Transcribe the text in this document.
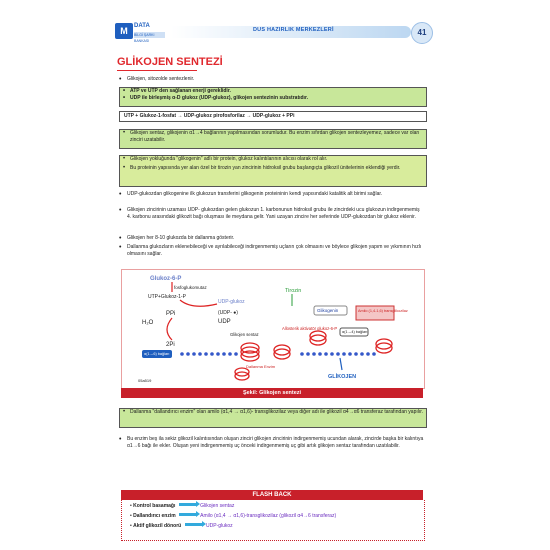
M	DATA
BİLGİ ŞARKI BANKASI
DUS HAZIRLIK MERKEZLERİ	41
GLİKOJEN SENTEZİ
•
Glikojen, sitozolde sentezlenir.
• ATP ve UTP den sağlanan enerji gereklidir.
• UDP ile birleşmiş α-D glukoz (UDP-glukoz), glikojen sentezinin substratıdır.
UTP + Glukoz-1-fosfat → UDP-glukoz pirofosforilaz → UDP-glukoz + PPi
• Glikojen sentaz, glikojenin α1→4 bağlarının yapılmasından sorumludur. Bu enzim sıfırdan glikojen sentezleyemez, sadece var olan zinciri uzatabilir.
• Glikojen yokluğunda "glikogenin" adlı bir protein, glukoz kalıntılarının alıcısı olarak rol alır.
• Bu proteinin yapısında yer alan özel bir tirozin yan zincirinin hidroksil grubu başlangıçta glikozil ünitelerinin eklendiği yerdir.
•
UDP-glukozdan glikogenine ilk glukozun transferini glikogenin proteininin kendi yapısındaki katalitik alt birimi sağlar.
•
Glikojen zincirinin uzaması UDP- glukozdan gelen glukozun 1. karbonunun hidroksil grubu ile zincirdeki ucu glukozun indirgenmemiş 4. karbonu arasındaki glikozit bağı oluşması ile meydana gelir. Yani uzayan zincire her seferinde UDP-glukozdan bir glukoz eklenir.
•
Glikojen her 8-10 glukozda bir dallanma gösterir.
•
Dallanma glukozların eklenebileceği ve ayrılabileceği indirgenmemiş uçların çok olmasını ve böylece glikojen yapım ve yıkımının hızlı olmasını sağlar.
Glukoz-6-P
fosfoglukomutaz
UTP+Glukoz-1-P
UDP-glukoz
PPi
H₂O
2Pi
(UDP- ●)
UDP
Tirozin
Glikogenin	Amilo (1,4-1,6) transglikozilaz
Glikojen sentaz
Allosterik aktivatör glukoz-6-P
α(1→4) bağları
α(1→6) bağları
Dallanma Enzim
GLİKOJEN
05a519
Şekil: Glikojen sentezi
• Dallanma "dallandırıcı enzim" olan amilo (α1,4 → α1,6)- transglikozilaz veya diğer adı ile glikozil α4→α6 transferaz tarafından yapılır.
•
Bu enzim beş ila sekiz glikozil kalıntısından oluşan zinciri glikojen zincirinin indirgenmemiş ucundan alarak, zincirde başka bir kalıntıya α1→6 bağı ile ekler. Oluşan yeni indirgenmemiş uç önceki indirgenmemiş uç gibi artık glikojen sentaz tarafından uzatılabilir.
FLASH BACK
• Kontrol basamağı	Glikojen sentaz
• Dallandırıcı enzim	Amilo (α1,4 → α1,6)-transglikozilaz (glikozil α4→6 transferaz)
• Aktif glikozil dönorü	UDP-glukoz
